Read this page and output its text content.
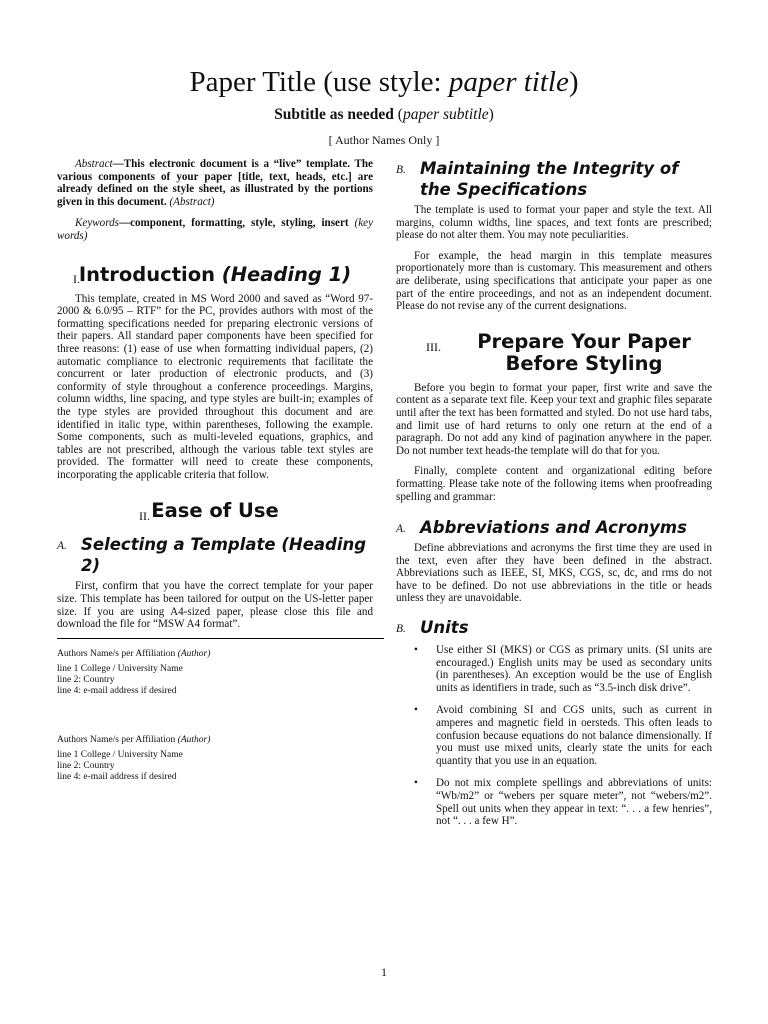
Paper Title (use style: paper title)
Subtitle as needed (paper subtitle)
[ Author Names Only ]

Abstract—This electronic document is a “live” template. The various components of your paper [title, text, heads, etc.] are already defined on the style sheet, as illustrated by the portions given in this document. (Abstract)

Keywords—component, formatting, style, styling, insert (key words)

I.
Introduction (Heading 1)

This template, created in MS Word 2000 and saved as “Word 97-2000 & 6.0/95 – RTF” for the PC, provides authors with most of the formatting specifications needed for preparing electronic versions of their papers. All standard paper components have been specified for three reasons: (1) ease of use when formatting individual papers, (2) automatic compliance to electronic requirements that facilitate the concurrent or later production of electronic products, and (3) conformity of style throughout a conference proceedings. Margins, column widths, line spacing, and type styles are built-in; examples of the type styles are provided throughout this document and are identified in italic type, within parentheses, following the example. Some components, such as multi-leveled equations, graphics, and tables are not prescribed, although the various table text styles are provided. The formatter will need to create these components, incorporating the applicable criteria that follow.

II. Ease of Use
A. Selecting a Template (Heading 2)

First, confirm that you have the correct template for your paper size. This template has been tailored for output on the US-letter paper size. If you are using A4-sized paper, please close this file and download the file for “MSW A4 format”.

Authors Name/s per Affiliation (Author)
line 1 College / University Name
line 2: Country
line 4: e-mail address if desired
Authors Name/s per Affiliation (Author)
line 1 College / University Name
line 2: Country
line 4: e-mail address if desired
B. Maintaining the Integrity of the Specifications

The template is used to format your paper and style the text. All margins, column widths, line spaces, and text fonts are prescribed; please do not alter them. You may note peculiarities.

For example, the head margin in this template measures proportionately more than is customary. This measurement and others are deliberate, using specifications that anticipate your paper as one part of the entire proceedings, and not as an independent document. Please do not revise any of the current designations.

III. Prepare Your Paper Before Styling

Before you begin to format your paper, first write and save the content as a separate text file. Keep your text and graphic files separate until after the text has been formatted and styled. Do not use hard tabs, and limit use of hard returns to only one return at the end of a paragraph. Do not add any kind of pagination anywhere in the paper. Do not number text heads-the template will do that for you.

Finally, complete content and organizational editing before formatting. Please take note of the following items when proofreading spelling and grammar:

A. Abbreviations and Acronyms

Define abbreviations and acronyms the first time they are used in the text, even after they have been defined in the abstract. Abbreviations such as IEEE, SI, MKS, CGS, sc, dc, and rms do not have to be defined. Do not use abbreviations in the title or heads unless they are unavoidable.

B. Units
• Use either SI (MKS) or CGS as primary units. (SI units are encouraged.) English units may be used as secondary units (in parentheses). An exception would be the use of English units as identifiers in trade, such as “3.5-inch disk drive”.
• Avoid combining SI and CGS units, such as current in amperes and magnetic field in oersteds. This often leads to confusion because equations do not balance dimensionally. If you must use mixed units, clearly state the units for each quantity that you use in an equation.
• Do not mix complete spellings and abbreviations of units: “Wb/m2” or “webers per square meter”, not “webers/m2”. Spell out units when they appear in text: “. . . a few henries”, not “. . . a few H”.
1
